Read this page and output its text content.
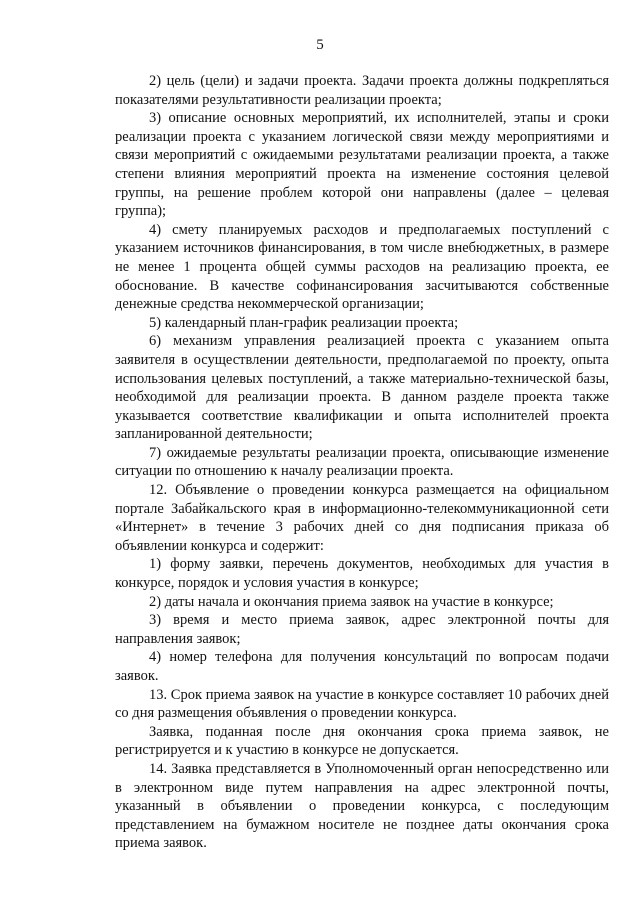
5

2) цель (цели) и задачи проекта. Задачи проекта должны подкрепляться показателями результативности реализации проекта;

3) описание основных мероприятий, их исполнителей, этапы и сроки реализации проекта с указанием логической связи между мероприятиями и связи мероприятий с ожидаемыми результатами реализации проекта, а также степени влияния мероприятий проекта на изменение состояния целевой группы, на решение проблем которой они направлены (далее – целевая группа);

4) смету планируемых расходов и предполагаемых поступлений с указанием источников финансирования, в том числе внебюджетных, в размере не менее 1 процента общей суммы расходов на реализацию проекта, ее обоснование. В качестве софинансирования засчитываются собственные денежные средства некоммерческой организации;

5) календарный план-график реализации проекта;

6) механизм управления реализацией проекта с указанием опыта заявителя в осуществлении деятельности, предполагаемой по проекту, опыта использования целевых поступлений, а также материально-технической базы, необходимой для реализации проекта. В данном разделе проекта также указывается соответствие квалификации и опыта исполнителей проекта запланированной деятельности;

7) ожидаемые результаты реализации проекта, описывающие изменение ситуации по отношению к началу реализации проекта.

12. Объявление о проведении конкурса размещается на официальном портале Забайкальского края в информационно-телекоммуникационной сети «Интернет» в течение 3 рабочих дней со дня подписания приказа об объявлении конкурса и содержит:

1) форму заявки, перечень документов, необходимых для участия в конкурсе, порядок и условия участия в конкурсе;

2) даты начала и окончания приема заявок на участие в конкурсе;

3) время и место приема заявок, адрес электронной почты для направления заявок;

4) номер телефона для получения консультаций по вопросам подачи заявок.

13. Срок приема заявок на участие в конкурсе составляет 10 рабочих дней со дня размещения объявления о проведении конкурса.

Заявка, поданная после дня окончания срока приема заявок, не регистрируется и к участию в конкурсе не допускается.

14. Заявка представляется в Уполномоченный орган непосредственно или в электронном виде путем направления на адрес электронной почты, указанный в объявлении о проведении конкурса, с последующим представлением на бумажном носителе не позднее даты окончания срока приема заявок.
